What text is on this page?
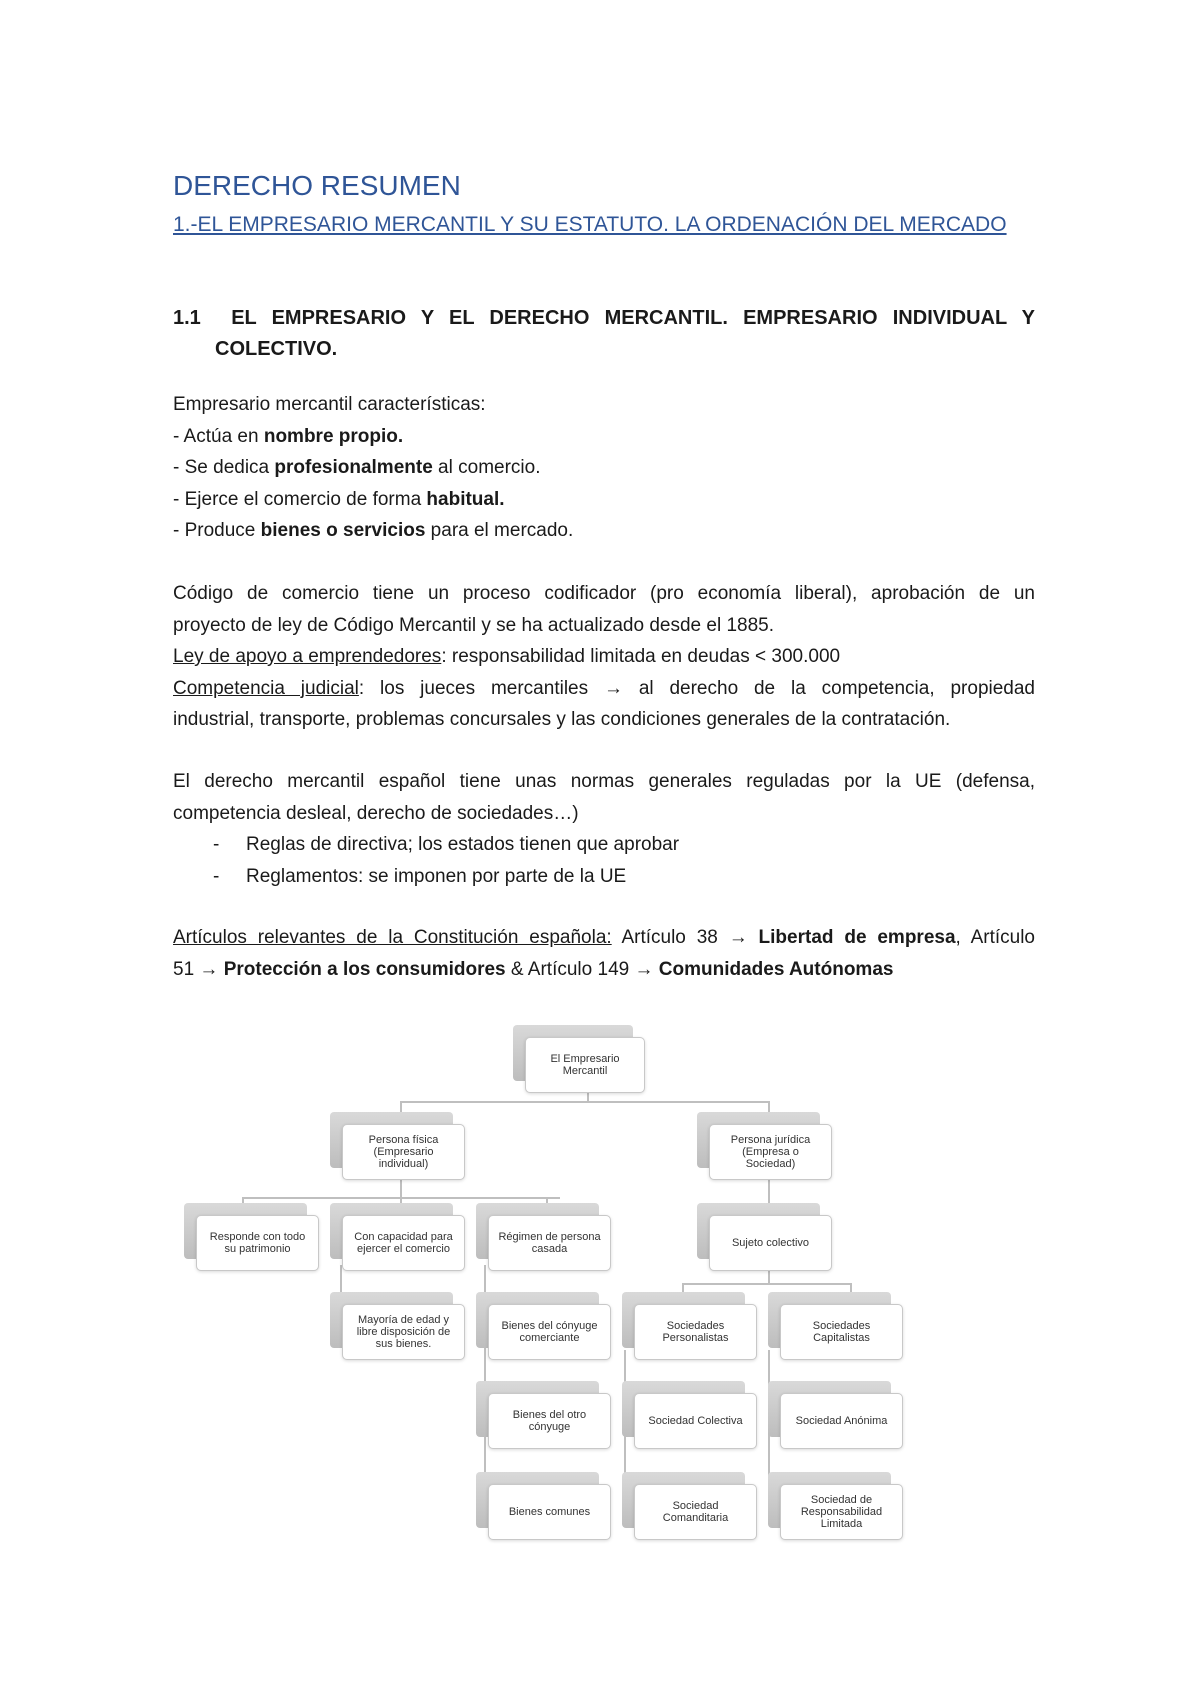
DERECHO RESUMEN
1.-EL EMPRESARIO MERCANTIL Y SU ESTATUTO. LA ORDENACIÓN DEL MERCADO
1.1 EL EMPRESARIO Y EL DERECHO MERCANTIL. EMPRESARIO INDIVIDUAL Y COLECTIVO.
Empresario mercantil características:
- Actúa en nombre propio.
- Se dedica profesionalmente al comercio.
- Ejerce el comercio de forma habitual.
- Produce bienes o servicios para el mercado.
Código de comercio tiene un proceso codificador (pro economía liberal), aprobación de un
proyecto de ley de Código Mercantil y se ha actualizado desde el 1885.
Ley de apoyo a emprendedores: responsabilidad limitada en deudas < 300.000
Competencia judicial: los jueces mercantiles → al derecho de la competencia, propiedad
industrial, transporte, problemas concursales y las condiciones generales de la contratación.
El derecho mercantil español tiene unas normas generales reguladas por la UE (defensa,
competencia desleal, derecho de sociedades…)
- Reglas de directiva; los estados tienen que aprobar
- Reglamentos: se imponen por parte de la UE
Artículos relevantes de la Constitución española: Artículo 38 → Libertad de empresa, Artículo
51 → Protección a los consumidores & Artículo 149 → Comunidades Autónomas
El Empresario Mercantil
Persona física (Empresario individual)
Persona jurídica (Empresa o Sociedad)
Responde con todo su patrimonio
Con capacidad para ejercer el comercio
Régimen de persona casada
Mayoría de edad y libre disposición de sus bienes.
Bienes del cónyuge comerciante
Bienes del otro cónyuge
Bienes comunes
Sujeto colectivo
Sociedades Personalistas
Sociedades Capitalistas
Sociedad Colectiva	Sociedad Anónima
Sociedad Comanditaria
Sociedad de Responsabilidad Limitada
